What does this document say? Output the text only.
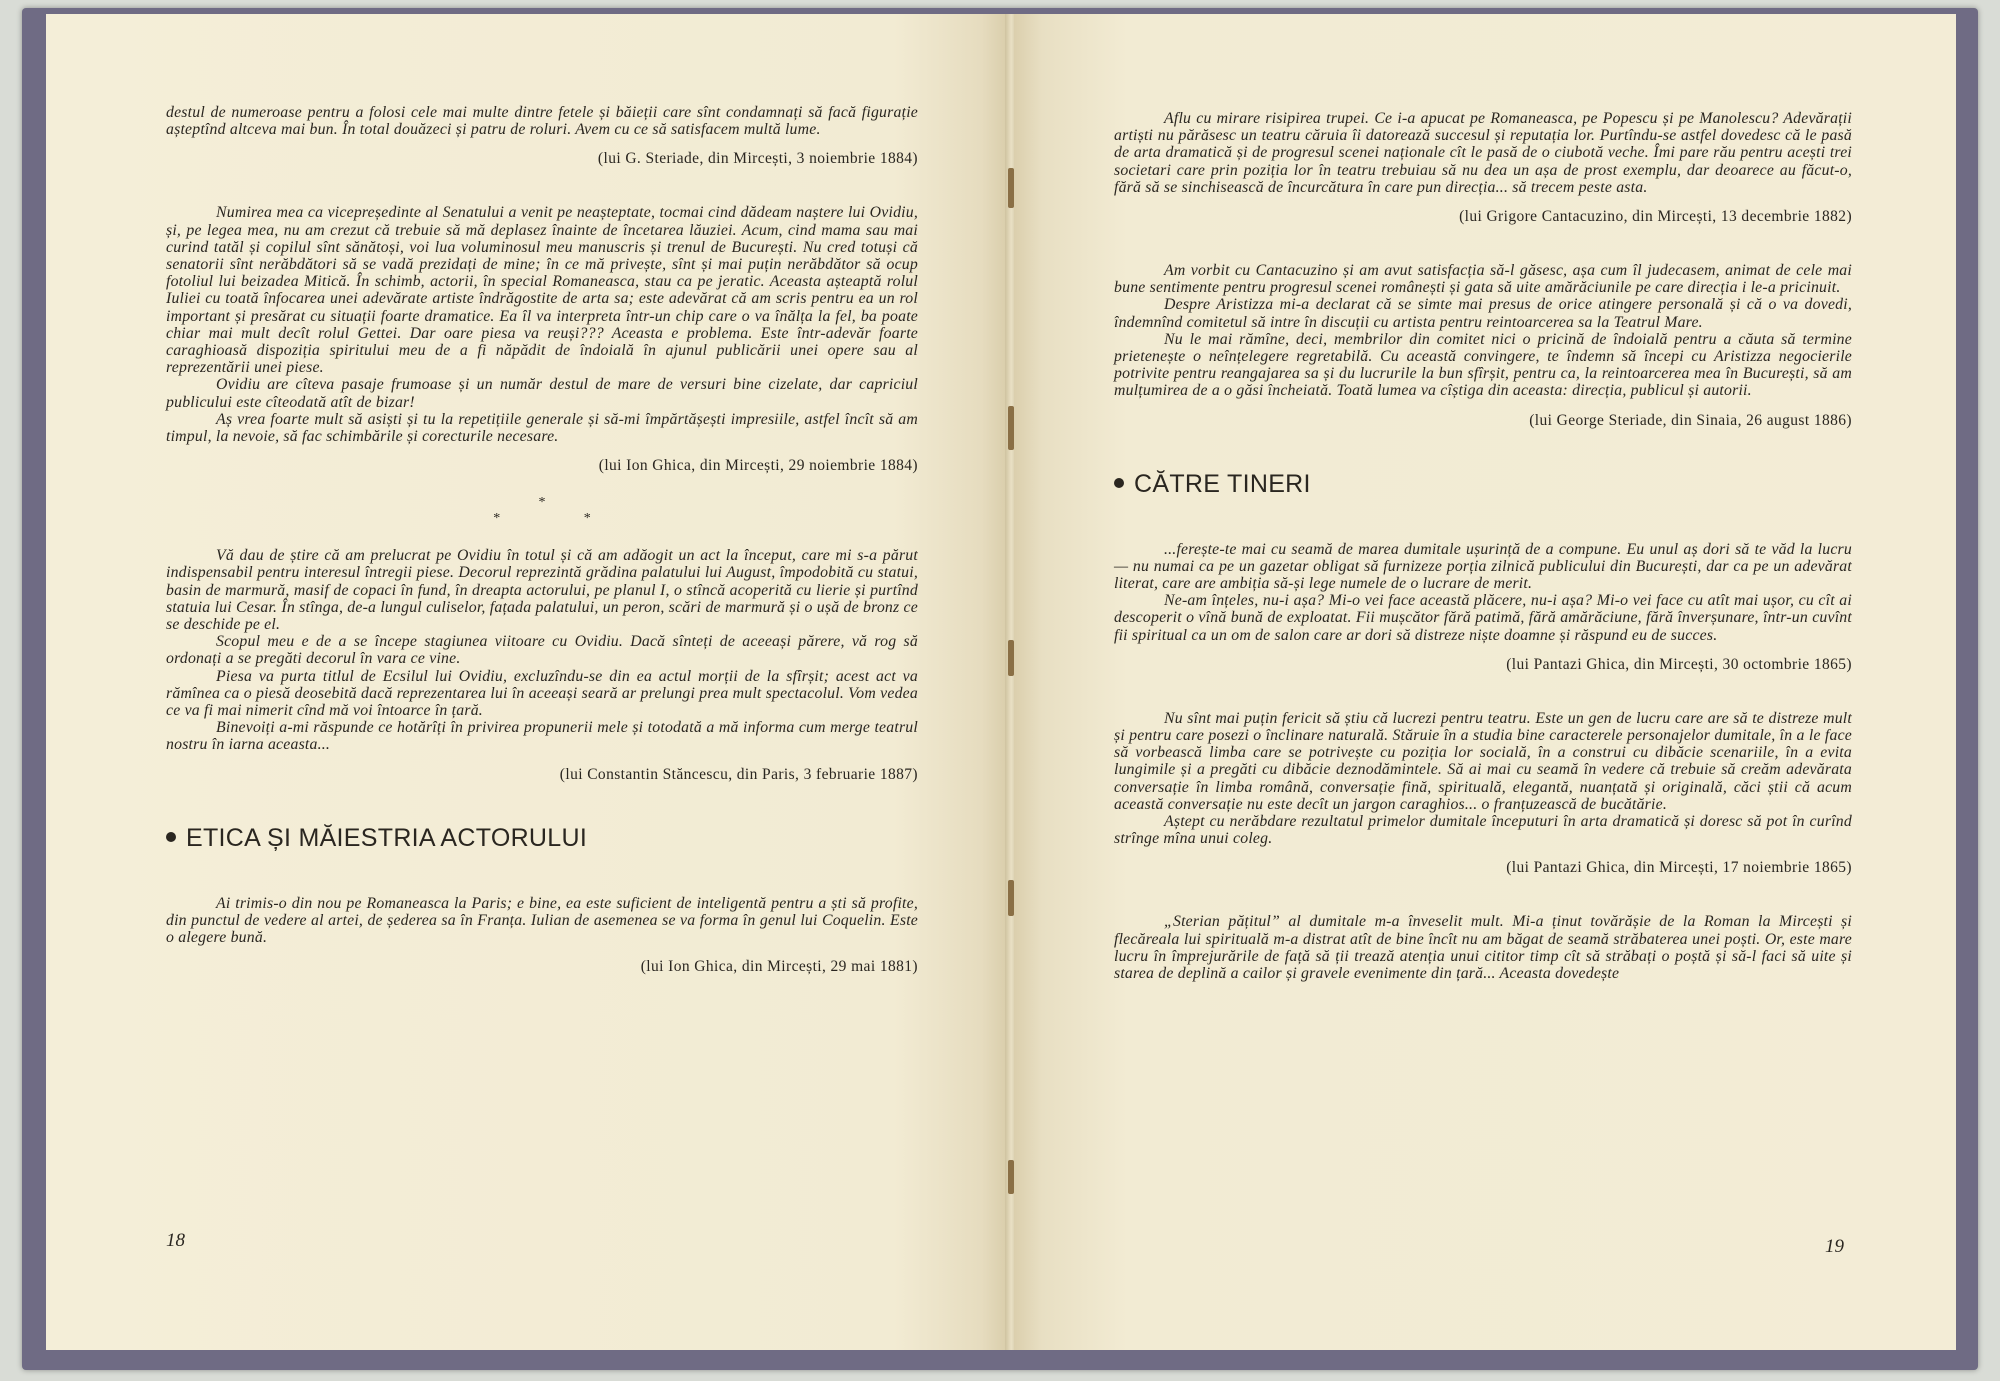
destul de numeroase pentru a folosi cele mai multe dintre fetele și băieții care sînt condamnați să facă figurație așteptînd altceva mai bun. În total douăzeci și patru de roluri. Avem cu ce să satisfacem multă lume.

(lui G. Steriade, din Mircești, 3 noiembrie 1884)

Numirea mea ca vicepreședinte al Senatului a venit pe neașteptate, tocmai cind dădeam naștere lui Ovidiu, și, pe legea mea, nu am crezut că trebuie să mă deplasez înainte de încetarea lăuziei. Acum, cind mama sau mai curind tatăl și copilul sînt sănătoși, voi lua voluminosul meu manuscris și trenul de București. Nu cred totuși că senatorii sînt nerăbdători să se vadă prezidați de mine; în ce mă privește, sînt și mai puțin nerăbdător să ocup fotoliul lui beizadea Mitică. În schimb, actorii, în special Romaneasca, stau ca pe jeratic. Aceasta așteaptă rolul Iuliei cu toată înfocarea unei adevărate artiste îndrăgostite de arta sa; este adevărat că am scris pentru ea un rol important și presărat cu situații foarte dramatice. Ea îl va interpreta într-un chip care o va înălța la fel, ba poate chiar mai mult decît rolul Gettei. Dar oare piesa va reuși??? Aceasta e problema. Este într-adevăr foarte caraghioasă dispoziția spiritului meu de a fi năpădit de îndoială în ajunul publicării unei opere sau al reprezentării unei piese.

Ovidiu are cîteva pasaje frumoase și un număr destul de mare de versuri bine cizelate, dar capriciul publicului este cîteodată atît de bizar!

Aș vrea foarte mult să asiști și tu la repetițiile generale și să-mi împărtășești impresiile, astfel încît să am timpul, la nevoie, să fac schimbările și corecturile necesare.

(lui Ion Ghica, din Mircești, 29 noiembrie 1884)
*
* *

Vă dau de știre că am prelucrat pe Ovidiu în totul și că am adăogit un act la început, care mi s-a părut indispensabil pentru interesul întregii piese. Decorul reprezintă grădina palatului lui August, împodobită cu statui, basin de marmură, masif de copaci în fund, în dreapta actorului, pe planul I, o stîncă acoperită cu lierie și purtînd statuia lui Cesar. În stînga, de-a lungul culiselor, fațada palatului, un peron, scări de marmură și o ușă de bronz ce se deschide pe el.

Scopul meu e de a se începe stagiunea viitoare cu Ovidiu. Dacă sînteți de aceeași părere, vă rog să ordonați a se pregăti decorul în vara ce vine.

Piesa va purta titlul de Ecsilul lui Ovidiu, excluzîndu-se din ea actul morții de la sfîrșit; acest act va rămînea ca o piesă deosebită dacă reprezentarea lui în aceeași seară ar prelungi prea mult spectacolul. Vom vedea ce va fi mai nimerit cînd mă voi întoarce în țară.

Binevoiți a-mi răspunde ce hotărîți în privirea propunerii mele și totodată a mă informa cum merge teatrul nostru în iarna aceasta...

(lui Constantin Stăncescu, din Paris, 3 februarie 1887)
ETICA ȘI MĂIESTRIA ACTORULUI

Ai trimis-o din nou pe Romaneasca la Paris; e bine, ea este suficient de inteligentă pentru a ști să profite, din punctul de vedere al artei, de șederea sa în Franța. Iulian de asemenea se va forma în genul lui Coquelin. Este o alegere bună.

(lui Ion Ghica, din Mircești, 29 mai 1881)
18

Aflu cu mirare risipirea trupei. Ce i-a apucat pe Romaneasca, pe Popescu și pe Manolescu? Adevărații artiști nu părăsesc un teatru căruia îi datorează succesul și reputația lor. Purtîndu-se astfel dovedesc că le pasă de arta dramatică și de progresul scenei naționale cît le pasă de o ciubotă veche. Îmi pare rău pentru acești trei societari care prin poziția lor în teatru trebuiau să nu dea un așa de prost exemplu, dar deoarece au făcut-o, fără să se sinchisească de încurcătura în care pun direcția... să trecem peste asta.

(lui Grigore Cantacuzino, din Mircești, 13 decembrie 1882)

Am vorbit cu Cantacuzino și am avut satisfacția să-l găsesc, așa cum îl judecasem, animat de cele mai bune sentimente pentru progresul scenei românești și gata să uite amărăciunile pe care direcția i le-a pricinuit.

Despre Aristizza mi-a declarat că se simte mai presus de orice atingere personală și că o va dovedi, îndemnînd comitetul să intre în discuții cu artista pentru reintoarcerea sa la Teatrul Mare.

Nu le mai rămîne, deci, membrilor din comitet nici o pricină de îndoială pentru a căuta să termine prietenește o neînțelegere regretabilă. Cu această convingere, te îndemn să începi cu Aristizza negocierile potrivite pentru reangajarea sa și du lucrurile la bun sfîrșit, pentru ca, la reintoarcerea mea în București, să am mulțumirea de a o găsi încheiată. Toată lumea va cîștiga din aceasta: direcția, publicul și autorii.

(lui George Steriade, din Sinaia, 26 august 1886)
CĂTRE TINERI

...ferește-te mai cu seamă de marea dumitale ușurință de a compune. Eu unul aș dori să te văd la lucru — nu numai ca pe un gazetar obligat să furnizeze porția zilnică publicului din București, dar ca pe un adevărat literat, care are ambiția să-și lege numele de o lucrare de merit.

Ne-am înțeles, nu-i așa? Mi-o vei face această plăcere, nu-i așa? Mi-o vei face cu atît mai ușor, cu cît ai descoperit o vînă bună de exploatat. Fii mușcător fără patimă, fără amărăciune, fără înverșunare, într-un cuvînt fii spiritual ca un om de salon care ar dori să distreze niște doamne și răspund eu de succes.

(lui Pantazi Ghica, din Mircești, 30 octombrie 1865)

Nu sînt mai puțin fericit să știu că lucrezi pentru teatru. Este un gen de lucru care are să te distreze mult și pentru care posezi o înclinare naturală. Stăruie în a studia bine caracterele personajelor dumitale, în a le face să vorbească limba care se potrivește cu poziția lor socială, în a construi cu dibăcie scenariile, în a evita lungimile și a pregăti cu dibăcie deznodămintele. Să ai mai cu seamă în vedere că trebuie să creăm adevărata conversație în limba română, conversație fină, spirituală, elegantă, nuanțată și originală, căci știi că acum această conversație nu este decît un jargon caraghios... o franțuzească de bucătărie.

Aștept cu nerăbdare rezultatul primelor dumitale începuturi în arta dramatică și doresc să pot în curînd strînge mîna unui coleg.

(lui Pantazi Ghica, din Mircești, 17 noiembrie 1865)

„Sterian pățitul” al dumitale m-a înveselit mult. Mi-a ținut tovărășie de la Roman la Mircești și flecăreala lui spirituală m-a distrat atît de bine încît nu am băgat de seamă străbaterea unei poști. Or, este mare lucru în împrejurările de față să ții trează atenția unui cititor timp cît să străbați o poștă și să-l faci să uite și starea de deplină a cailor și gravele evenimente din țară... Aceasta dovedește

19
